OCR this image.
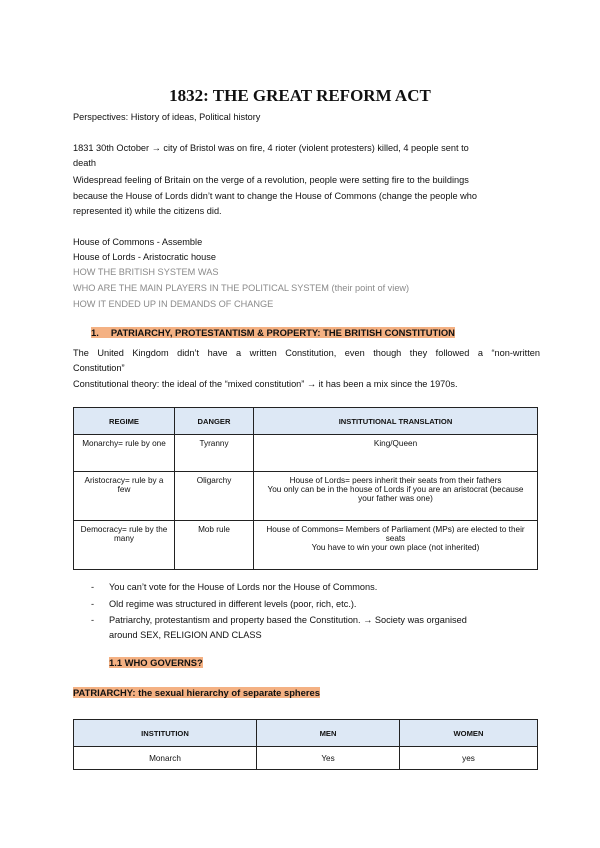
1832: THE GREAT REFORM ACT
Perspectives: History of ideas, Political history
1831 30th October → city of Bristol was on fire, 4 rioter (violent protesters) killed, 4 people sent to
death
Widespread feeling of Britain on the verge of a revolution, people were setting fire to the buildings
because the House of Lords didn’t want to change the House of Commons (change the people who
represented it) while the citizens did.
House of Commons - Assemble
House of Lords - Aristocratic house
HOW THE BRITISH SYSTEM WAS
WHO ARE THE MAIN PLAYERS IN THE POLITICAL SYSTEM (their point of view)
HOW IT ENDED UP IN DEMANDS OF CHANGE
1. PATRIARCHY, PROTESTANTISM & PROPERTY: THE BRITISH CONSTITUTION
The United Kingdom didn’t have a written Constitution, even though they followed a “non-written
Constitution”
Constitutional theory: the ideal of the “mixed constitution” → it has been a mix since the 1970s.
REGIME	DANGER	INSTITUTIONAL TRANSLATION
Monarchy= rule by one	Tyranny	King/Queen

Aristocracy= rule by a few	Oligarchy	House of Lords= peers inherit their seats from their fathers
You only can be in the house of Lords if you are an aristocrat (because your father was one)

Democracy= rule by the many	Mob rule	House of Commons= Members of Parliament (MPs) are elected to their seats
You have to win your own place (not inherited)
-	You can’t vote for the House of Lords nor the House of Commons.
-	Old regime was structured in different levels (poor, rich, etc.).
-	Patriarchy, protestantism and property based the Constitution. → Society was organised
around SEX, RELIGION AND CLASS
1.1 WHO GOVERNS?
PATRIARCHY: the sexual hierarchy of separate spheres
INSTITUTION	MEN	WOMEN
Monarch	Yes	yes
